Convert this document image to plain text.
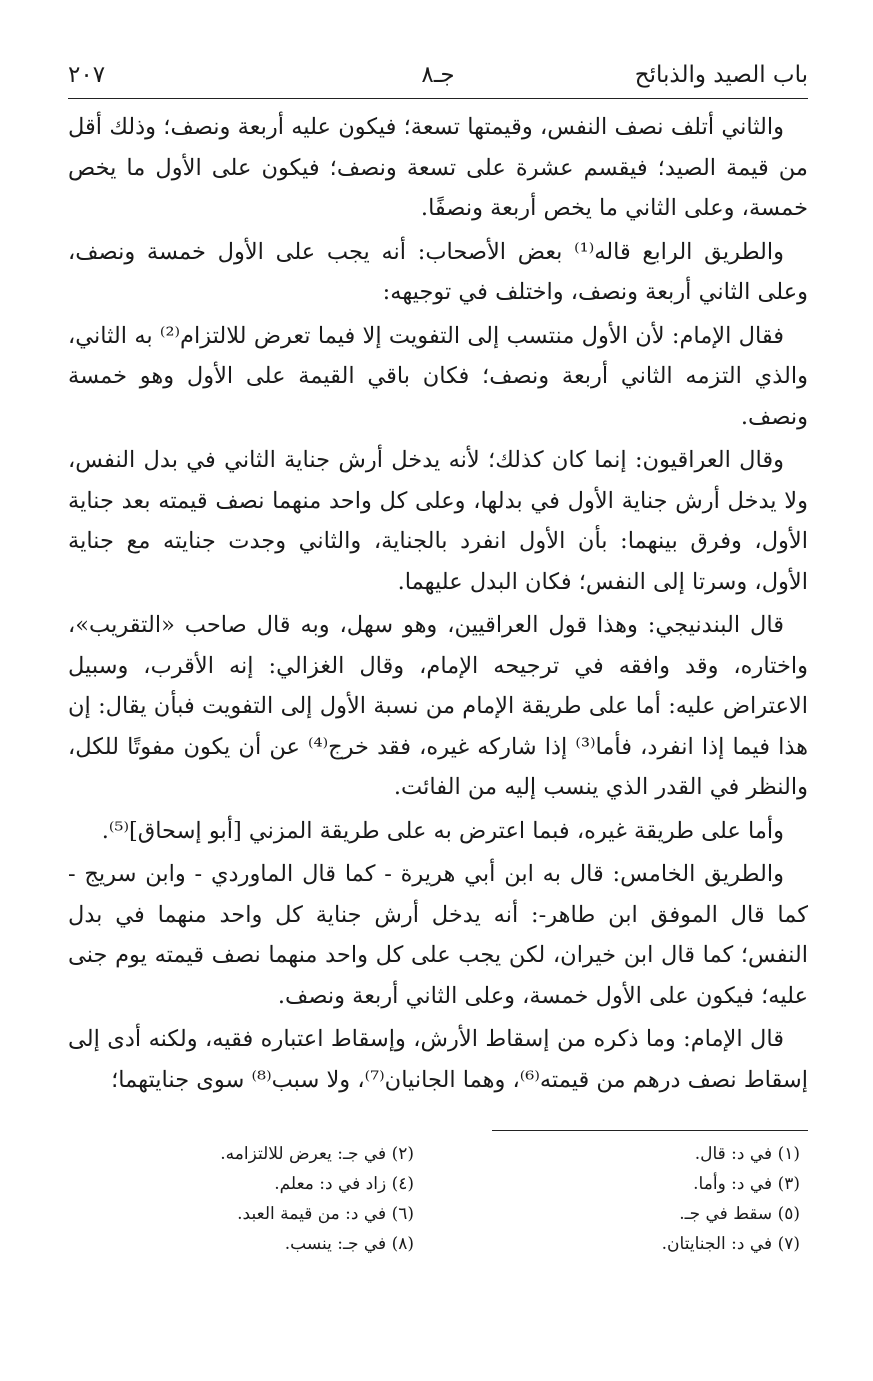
باب الصيد والذبائح
جـ٨
٢٠٧

والثاني أتلف نصف النفس، وقيمتها تسعة؛ فيكون عليه أربعة ونصف؛ وذلك أقل من قيمة الصيد؛ فيقسم عشرة على تسعة ونصف؛ فيكون على الأول ما يخص خمسة، وعلى الثاني ما يخص أربعة ونصفًا.

والطريق الرابع قاله⁽¹⁾ بعض الأصحاب: أنه يجب على الأول خمسة ونصف، وعلى الثاني أربعة ونصف، واختلف في توجيهه:

فقال الإمام: لأن الأول منتسب إلى التفويت إلا فيما تعرض للالتزام⁽²⁾ به الثاني، والذي التزمه الثاني أربعة ونصف؛ فكان باقي القيمة على الأول وهو خمسة ونصف.

وقال العراقيون: إنما كان كذلك؛ لأنه يدخل أرش جناية الثاني في بدل النفس، ولا يدخل أرش جناية الأول في بدلها، وعلى كل واحد منهما نصف قيمته بعد جناية الأول، وفرق بينهما: بأن الأول انفرد بالجناية، والثاني وجدت جنايته مع جناية الأول، وسرتا إلى النفس؛ فكان البدل عليهما.

قال البندنيجي: وهذا قول العراقيين، وهو سهل، وبه قال صاحب «التقريب»، واختاره، وقد وافقه في ترجيحه الإمام، وقال الغزالي: إنه الأقرب، وسبيل الاعتراض عليه: أما على طريقة الإمام من نسبة الأول إلى التفويت فبأن يقال: إن هذا فيما إذا انفرد، فأما⁽³⁾ إذا شاركه غيره، فقد خرج⁽⁴⁾ عن أن يكون مفوتًا للكل، والنظر في القدر الذي ينسب إليه من الفائت.

وأما على طريقة غيره، فبما اعترض به على طريقة المزني [أبو إسحاق]⁽⁵⁾.

والطريق الخامس: قال به ابن أبي هريرة - كما قال الماوردي - وابن سريج - كما قال الموفق ابن طاهر-: أنه يدخل أرش جناية كل واحد منهما في بدل النفس؛ كما قال ابن خيران، لكن يجب على كل واحد منهما نصف قيمته يوم جنى عليه؛ فيكون على الأول خمسة، وعلى الثاني أربعة ونصف.

قال الإمام: وما ذكره من إسقاط الأرش، وإسقاط اعتباره فقيه، ولكنه أدى إلى إسقاط نصف درهم من قيمته⁽⁶⁾، وهما الجانيان⁽⁷⁾، ولا سبب⁽⁸⁾ سوى جنايتهما؛

(١) في د: قال.
(٢) في جـ: يعرض للالتزامه.
(٣) في د: وأما.
(٤) زاد في د: معلم.
(٥) سقط في جـ.
(٦) في د: من قيمة العبد.
(٧) في د: الجنايتان.
(٨) في جـ: ينسب.
